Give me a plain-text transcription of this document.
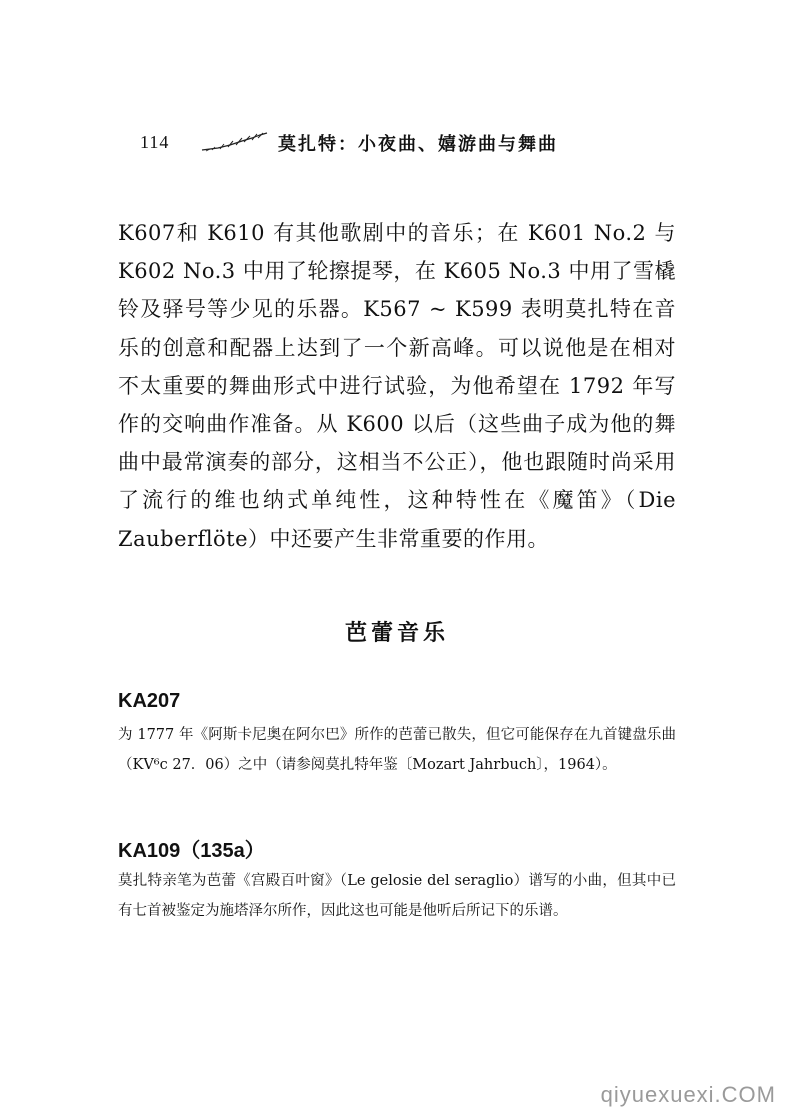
114	莫扎特：小夜曲、嬉游曲与舞曲
K607和 K610 有其他歌剧中的音乐；在 K601 No.2 与 K602 No.3 中用了轮擦提琴，在 K605 No.3 中用了雪橇铃及驿号等少见的乐器。K567 ~ K599 表明莫扎特在音乐的创意和配器上达到了一个新高峰。可以说他是在相对不太重要的舞曲形式中进行试验，为他希望在 1792 年写作的交响曲作准备。从 K600 以后（这些曲子成为他的舞曲中最常演奏的部分，这相当不公正），他也跟随时尚采用了流行的维也纳式单纯性，这种特性在《魔笛》（Die Zauberflöte）中还要产生非常重要的作用。
芭蕾音乐
KA207
为 1777 年《阿斯卡尼奥在阿尔巴》所作的芭蕾已散失，但它可能保存在九首键盘乐曲（KV⁶c 27．06）之中（请参阅莫扎特年鉴〔Mozart Jahrbuch〕，1964）。
KA109（135a）
莫扎特亲笔为芭蕾《宫殿百叶窗》（Le gelosie del seraglio）谱写的小曲，但其中已有七首被鉴定为施塔泽尔所作，因此这也可能是他听后所记下的乐谱。
qiyuexuexi.COM
